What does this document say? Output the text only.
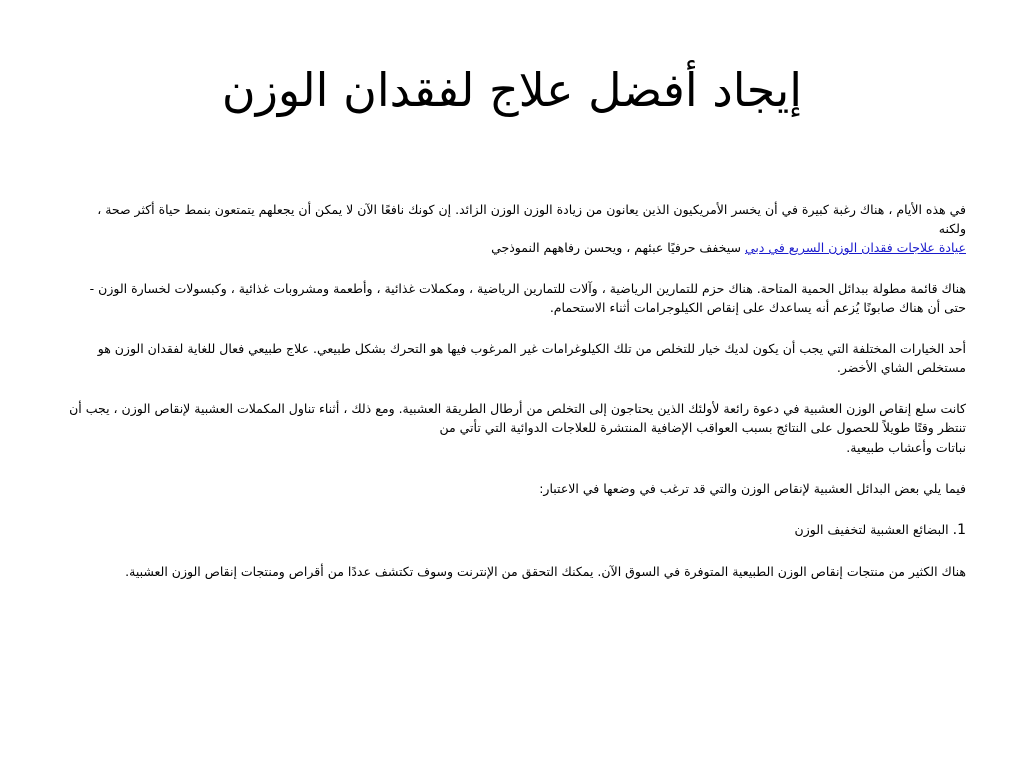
إيجاد أفضل علاج لفقدان الوزن

في هذه الأيام ، هناك رغبة كبيرة في أن يخسر الأمريكيون الذين يعانون من زيادة الوزن الوزن الزائد. إن كونك نافعًا الآن لا يمكن أن يجعلهم يتمتعون بنمط حياة أكثر صحة ، ولكنه
عيادة علاجات فقدان الوزن السريع في دبي سيخفف حرفيًا عبئهم ، ويحسن رفاههم النموذجي

هناك قائمة مطولة ببدائل الحمية المتاحة. هناك حزم للتمارين الرياضية ، وآلات للتمارين الرياضية ، ومكملات غذائية ، وأطعمة ومشروبات غذائية ، وكبسولات لخسارة الوزن - حتى أن هناك صابونًا يُزعم أنه يساعدك على إنقاص الكيلوجرامات أثناء الاستحمام.

أحد الخيارات المختلفة التي يجب أن يكون لديك خيار للتخلص من تلك الكيلوغرامات غير المرغوب فيها هو التحرك بشكل طبيعي. علاج طبيعي فعال للغاية لفقدان الوزن هو مستخلص الشاي الأخضر.

كانت سلع إنقاص الوزن العشبية في دعوة رائعة لأولئك الذين يحتاجون إلى التخلص من أرطال الطريقة العشبية. ومع ذلك ، أثناء تناول المكملات العشبية لإنقاص الوزن ، يجب أن تنتظر وقتًا طويلاً للحصول على النتائج بسبب العواقب الإضافية المنتشرة للعلاجات الدوائية التي تأتي من

نباتات وأعشاب طبيعية.

فيما يلي بعض البدائل العشبية لإنقاص الوزن والتي قد ترغب في وضعها في الاعتبار:

1. البضائع العشبية لتخفيف الوزن

هناك الكثير من منتجات إنقاص الوزن الطبيعية المتوفرة في السوق الآن. يمكنك التحقق من الإنترنت وسوف تكتشف عددًا من أقراص ومنتجات إنقاص الوزن العشبية.
